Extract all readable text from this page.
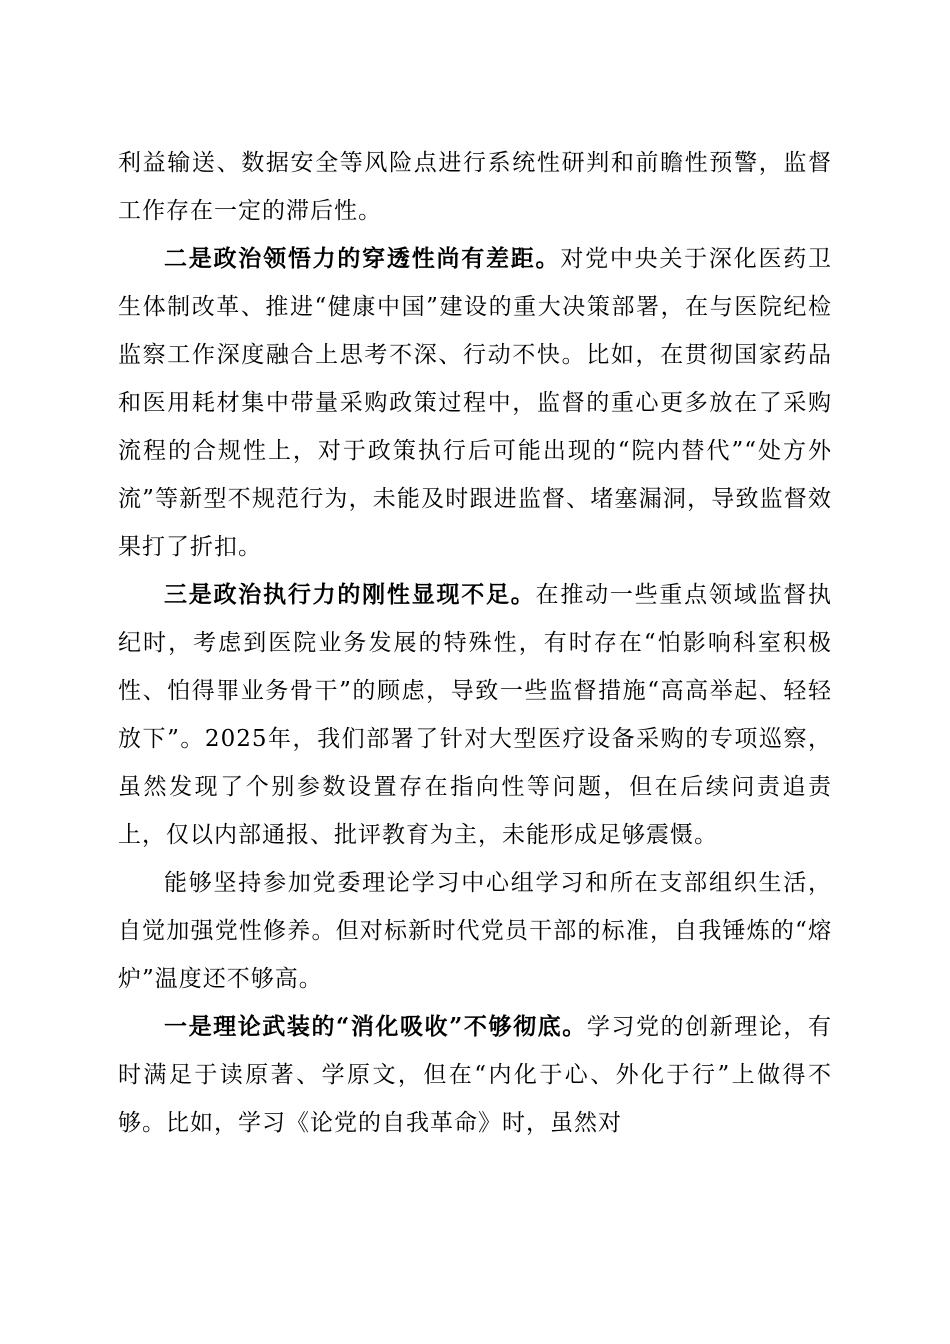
利益输送、数据安全等风险点进行系统性研判和前瞻性预警，监督工作存在一定的滞后性。

二是政治领悟力的穿透性尚有差距。对党中央关于深化医药卫生体制改革、推进“健康中国”建设的重大决策部署，在与医院纪检监察工作深度融合上思考不深、行动不快。比如，在贯彻国家药品和医用耗材集中带量采购政策过程中，监督的重心更多放在了采购流程的合规性上，对于政策执行后可能出现的“院内替代”“处方外流”等新型不规范行为，未能及时跟进监督、堵塞漏洞，导致监督效果打了折扣。

三是政治执行力的刚性显现不足。在推动一些重点领域监督执纪时，考虑到医院业务发展的特殊性，有时存在“怕影响科室积极性、怕得罪业务骨干”的顾虑，导致一些监督措施“高高举起、轻轻放下”。2025年，我们部署了针对大型医疗设备采购的专项巡察，虽然发现了个别参数设置存在指向性等问题，但在后续问责追责上，仅以内部通报、批评教育为主，未能形成足够震慑。

能够坚持参加党委理论学习中心组学习和所在支部组织生活，自觉加强党性修养。但对标新时代党员干部的标准，自我锤炼的“熔炉”温度还不够高。

一是理论武装的“消化吸收”不够彻底。学习党的创新理论，有时满足于读原著、学原文，但在“内化于心、外化于行”上做得不够。比如，学习《论党的自我革命》时，虽然对
